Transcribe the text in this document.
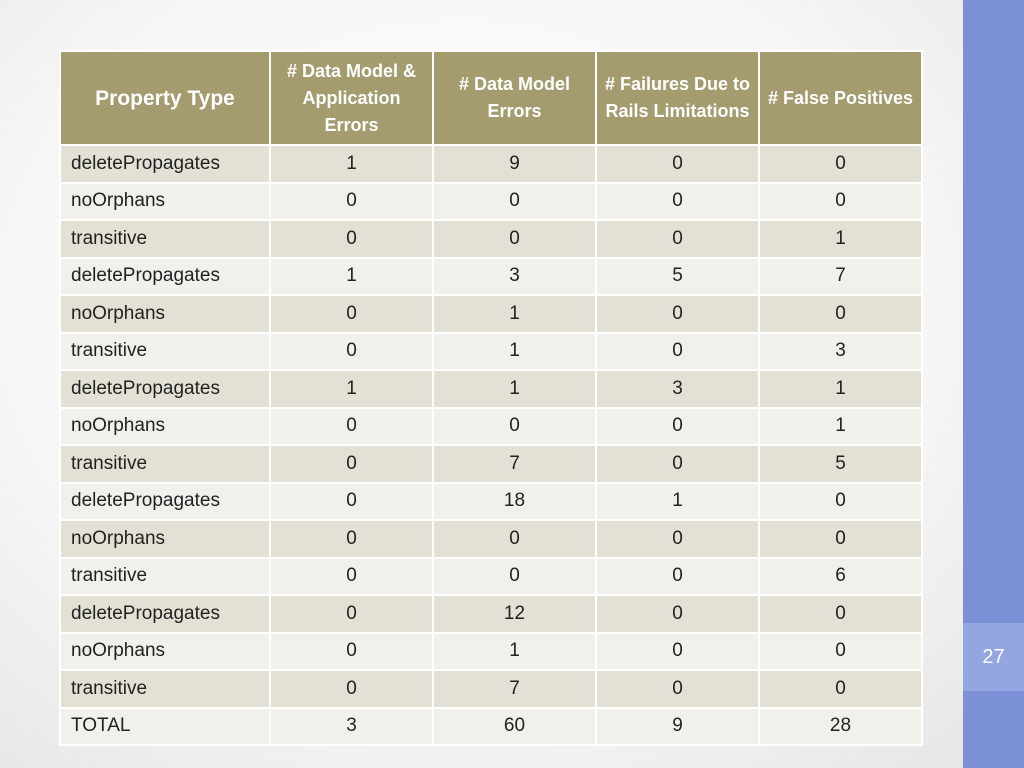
27
Property Type	# Data Model & Application Errors	# Data Model Errors	# Failures Due to Rails Limitations	# False Positives
deletePropagates	1	9	0	0
noOrphans	0	0	0	0
transitive	0	0	0	1
deletePropagates	1	3	5	7
noOrphans	0	1	0	0
transitive	0	1	0	3
deletePropagates	1	1	3	1
noOrphans	0	0	0	1
transitive	0	7	0	5
deletePropagates	0	18	1	0
noOrphans	0	0	0	0
transitive	0	0	0	6
deletePropagates	0	12	0	0
noOrphans	0	1	0	0
transitive	0	7	0	0
TOTAL	3	60	9	28
